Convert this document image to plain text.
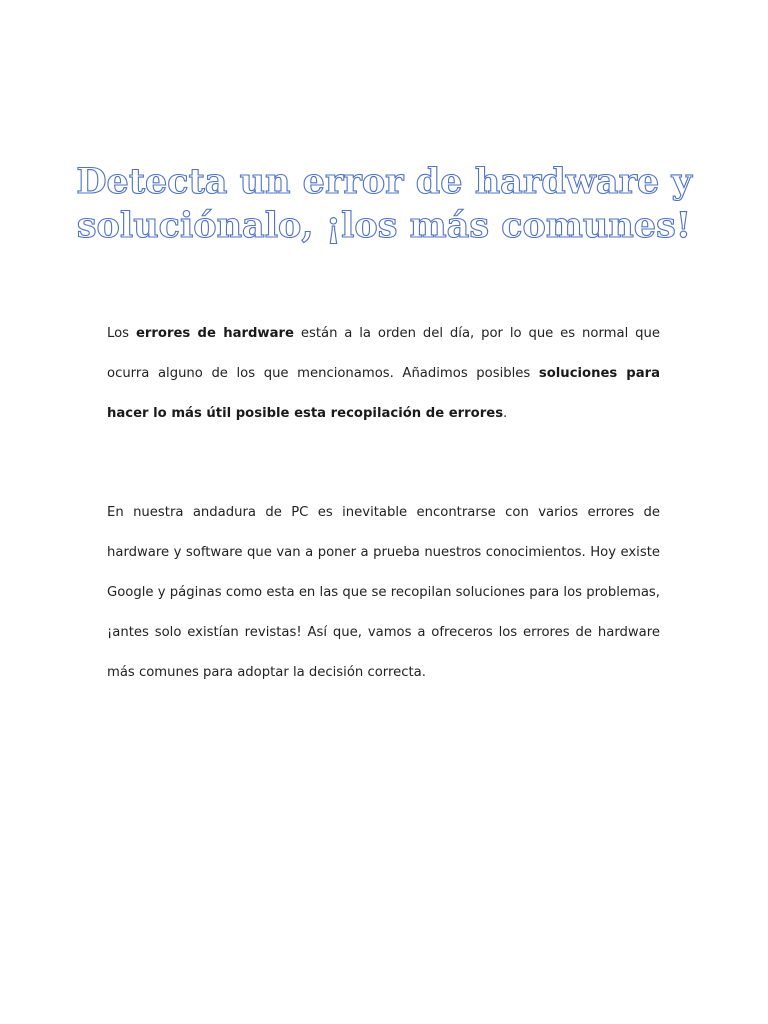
Detecta un error de hardware y
soluciónalo, ¡los más comunes!

Los errores de hardware están a la orden del día, por lo que es normal que ocurra alguno de los que mencionamos. Añadimos posibles soluciones para hacer lo más útil posible esta recopilación de errores.

En nuestra andadura de PC es inevitable encontrarse con varios errores de hardware y software que van a poner a prueba nuestros conocimientos. Hoy existe Google y páginas como esta en las que se recopilan soluciones para los problemas, ¡antes solo existían revistas! Así que, vamos a ofreceros los errores de hardware más comunes para adoptar la decisión correcta.
